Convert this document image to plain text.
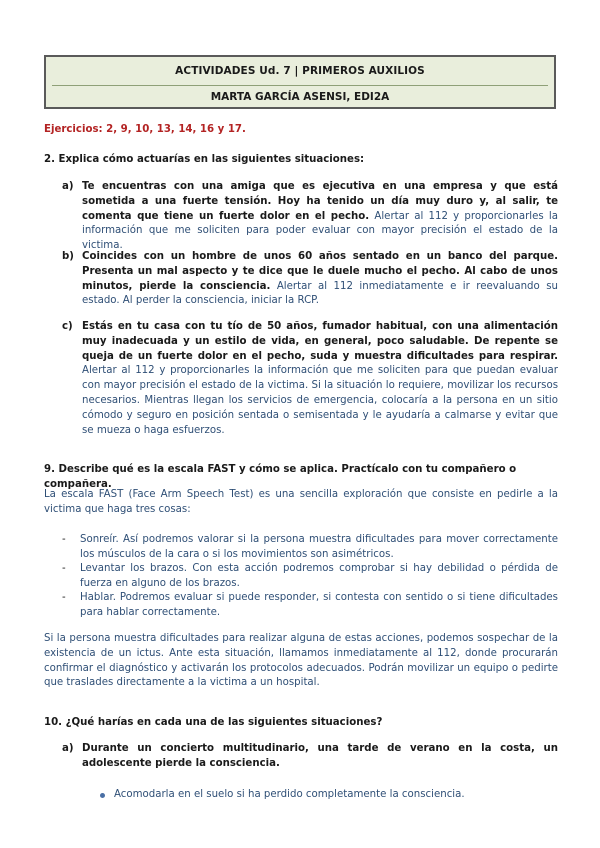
ACTIVIDADES Ud. 7 | PRIMEROS AUXILIOS
MARTA GARCÍA ASENSI, EDI2A
Ejercicios: 2, 9, 10, 13, 14, 16 y 17.
2. Explica cómo actuarías en las siguientes situaciones:
a) Te encuentras con una amiga que es ejecutiva en una empresa y que está sometida a una fuerte tensión. Hoy ha tenido un día muy duro y, al salir, te comenta que tiene un fuerte dolor en el pecho. Alertar al 112 y proporcionarles la información que me soliciten para poder evaluar con mayor precisión el estado de la victima.
b) Coincides con un hombre de unos 60 años sentado en un banco del parque. Presenta un mal aspecto y te dice que le duele mucho el pecho. Al cabo de unos minutos, pierde la consciencia. Alertar al 112 inmediatamente e ir reevaluando su estado. Al perder la consciencia, iniciar la RCP.
c) Estás en tu casa con tu tío de 50 años, fumador habitual, con una alimentación muy inadecuada y un estilo de vida, en general, poco saludable. De repente se queja de un fuerte dolor en el pecho, suda y muestra dificultades para respirar. Alertar al 112 y proporcionarles la información que me soliciten para que puedan evaluar con mayor precisión el estado de la victima. Si la situación lo requiere, movilizar los recursos necesarios. Mientras llegan los servicios de emergencia, colocaría a la persona en un sitio cómodo y seguro en posición sentada o semisentada y le ayudaría a calmarse y evitar que se mueza o haga esfuerzos.
9. Describe qué es la escala FAST y cómo se aplica. Practícalo con tu compañero o compañera.
La escala FAST (Face Arm Speech Test) es una sencilla exploración que consiste en pedirle a la victima que haga tres cosas:
- Sonreír. Así podremos valorar si la persona muestra dificultades para mover correctamente los músculos de la cara o si los movimientos son asimétricos.
- Levantar los brazos. Con esta acción podremos comprobar si hay debilidad o pérdida de fuerza en alguno de los brazos.
- Hablar. Podremos evaluar si puede responder, si contesta con sentido o si tiene dificultades para hablar correctamente.
Si la persona muestra dificultades para realizar alguna de estas acciones, podemos sospechar de la existencia de un ictus. Ante esta situación, llamamos inmediatamente al 112, donde procurarán confirmar el diagnóstico y activarán los protocolos adecuados. Podrán movilizar un equipo o pedirte que traslades directamente a la victima a un hospital.
10. ¿Qué harías en cada una de las siguientes situaciones?
a) Durante un concierto multitudinario, una tarde de verano en la costa, un adolescente pierde la consciencia.
Acomodarla en el suelo si ha perdido completamente la consciencia.
